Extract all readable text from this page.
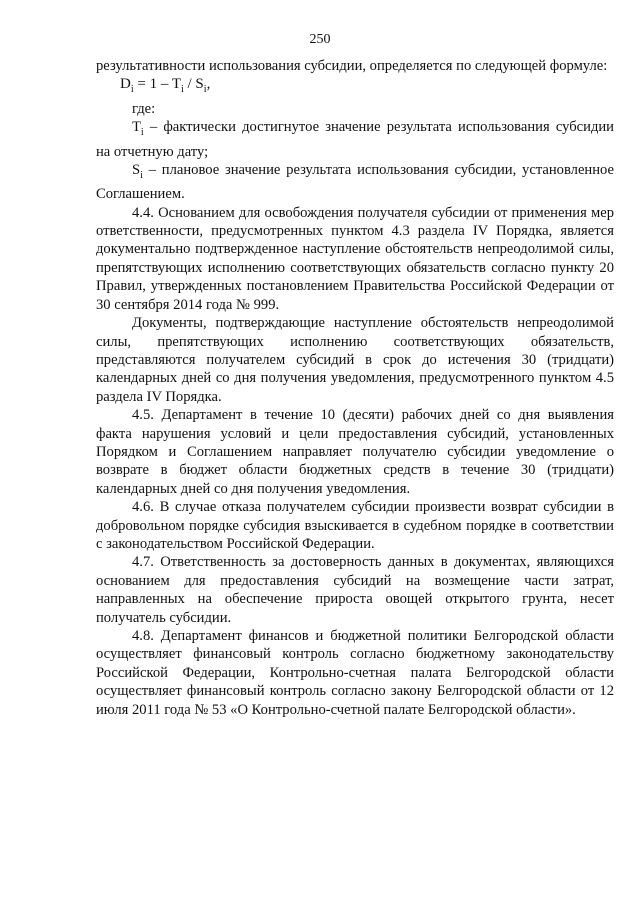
250

результативности использования субсидии, определяется по следующей формуле:

$D_i = 1 - T_i / S_i$,

где:

$T_i$ – фактически достигнутое значение результата использования субсидии на отчетную дату;

$S_i$ – плановое значение результата использования субсидии, установленное Соглашением.

4.4. Основанием для освобождения получателя субсидии от применения мер ответственности, предусмотренных пунктом 4.3 раздела IV Порядка, является документально подтвержденное наступление обстоятельств непреодолимой силы, препятствующих исполнению соответствующих обязательств согласно пункту 20 Правил, утвержденных постановлением Правительства Российской Федерации от 30 сентября 2014 года № 999.

Документы, подтверждающие наступление обстоятельств непреодолимой силы, препятствующих исполнению соответствующих обязательств, представляются получателем субсидий в срок до истечения 30 (тридцати) календарных дней со дня получения уведомления, предусмотренного пунктом 4.5 раздела IV Порядка.

4.5. Департамент в течение 10 (десяти) рабочих дней со дня выявления факта нарушения условий и цели предоставления субсидий, установленных Порядком и Соглашением направляет получателю субсидии уведомление о возврате в бюджет области бюджетных средств в течение 30 (тридцати) календарных дней со дня получения уведомления.

4.6. В случае отказа получателем субсидии произвести возврат субсидии в добровольном порядке субсидия взыскивается в судебном порядке в соответствии с законодательством Российской Федерации.

4.7. Ответственность за достоверность данных в документах, являющихся основанием для предоставления субсидий на возмещение части затрат, направленных на обеспечение прироста овощей открытого грунта, несет получатель субсидии.

4.8. Департамент финансов и бюджетной политики Белгородской области осуществляет финансовый контроль согласно бюджетному законодательству Российской Федерации, Контрольно-счетная палата Белгородской области осуществляет финансовый контроль согласно закону Белгородской области от 12 июля 2011 года № 53 «О Контрольно-счетной палате Белгородской области».
